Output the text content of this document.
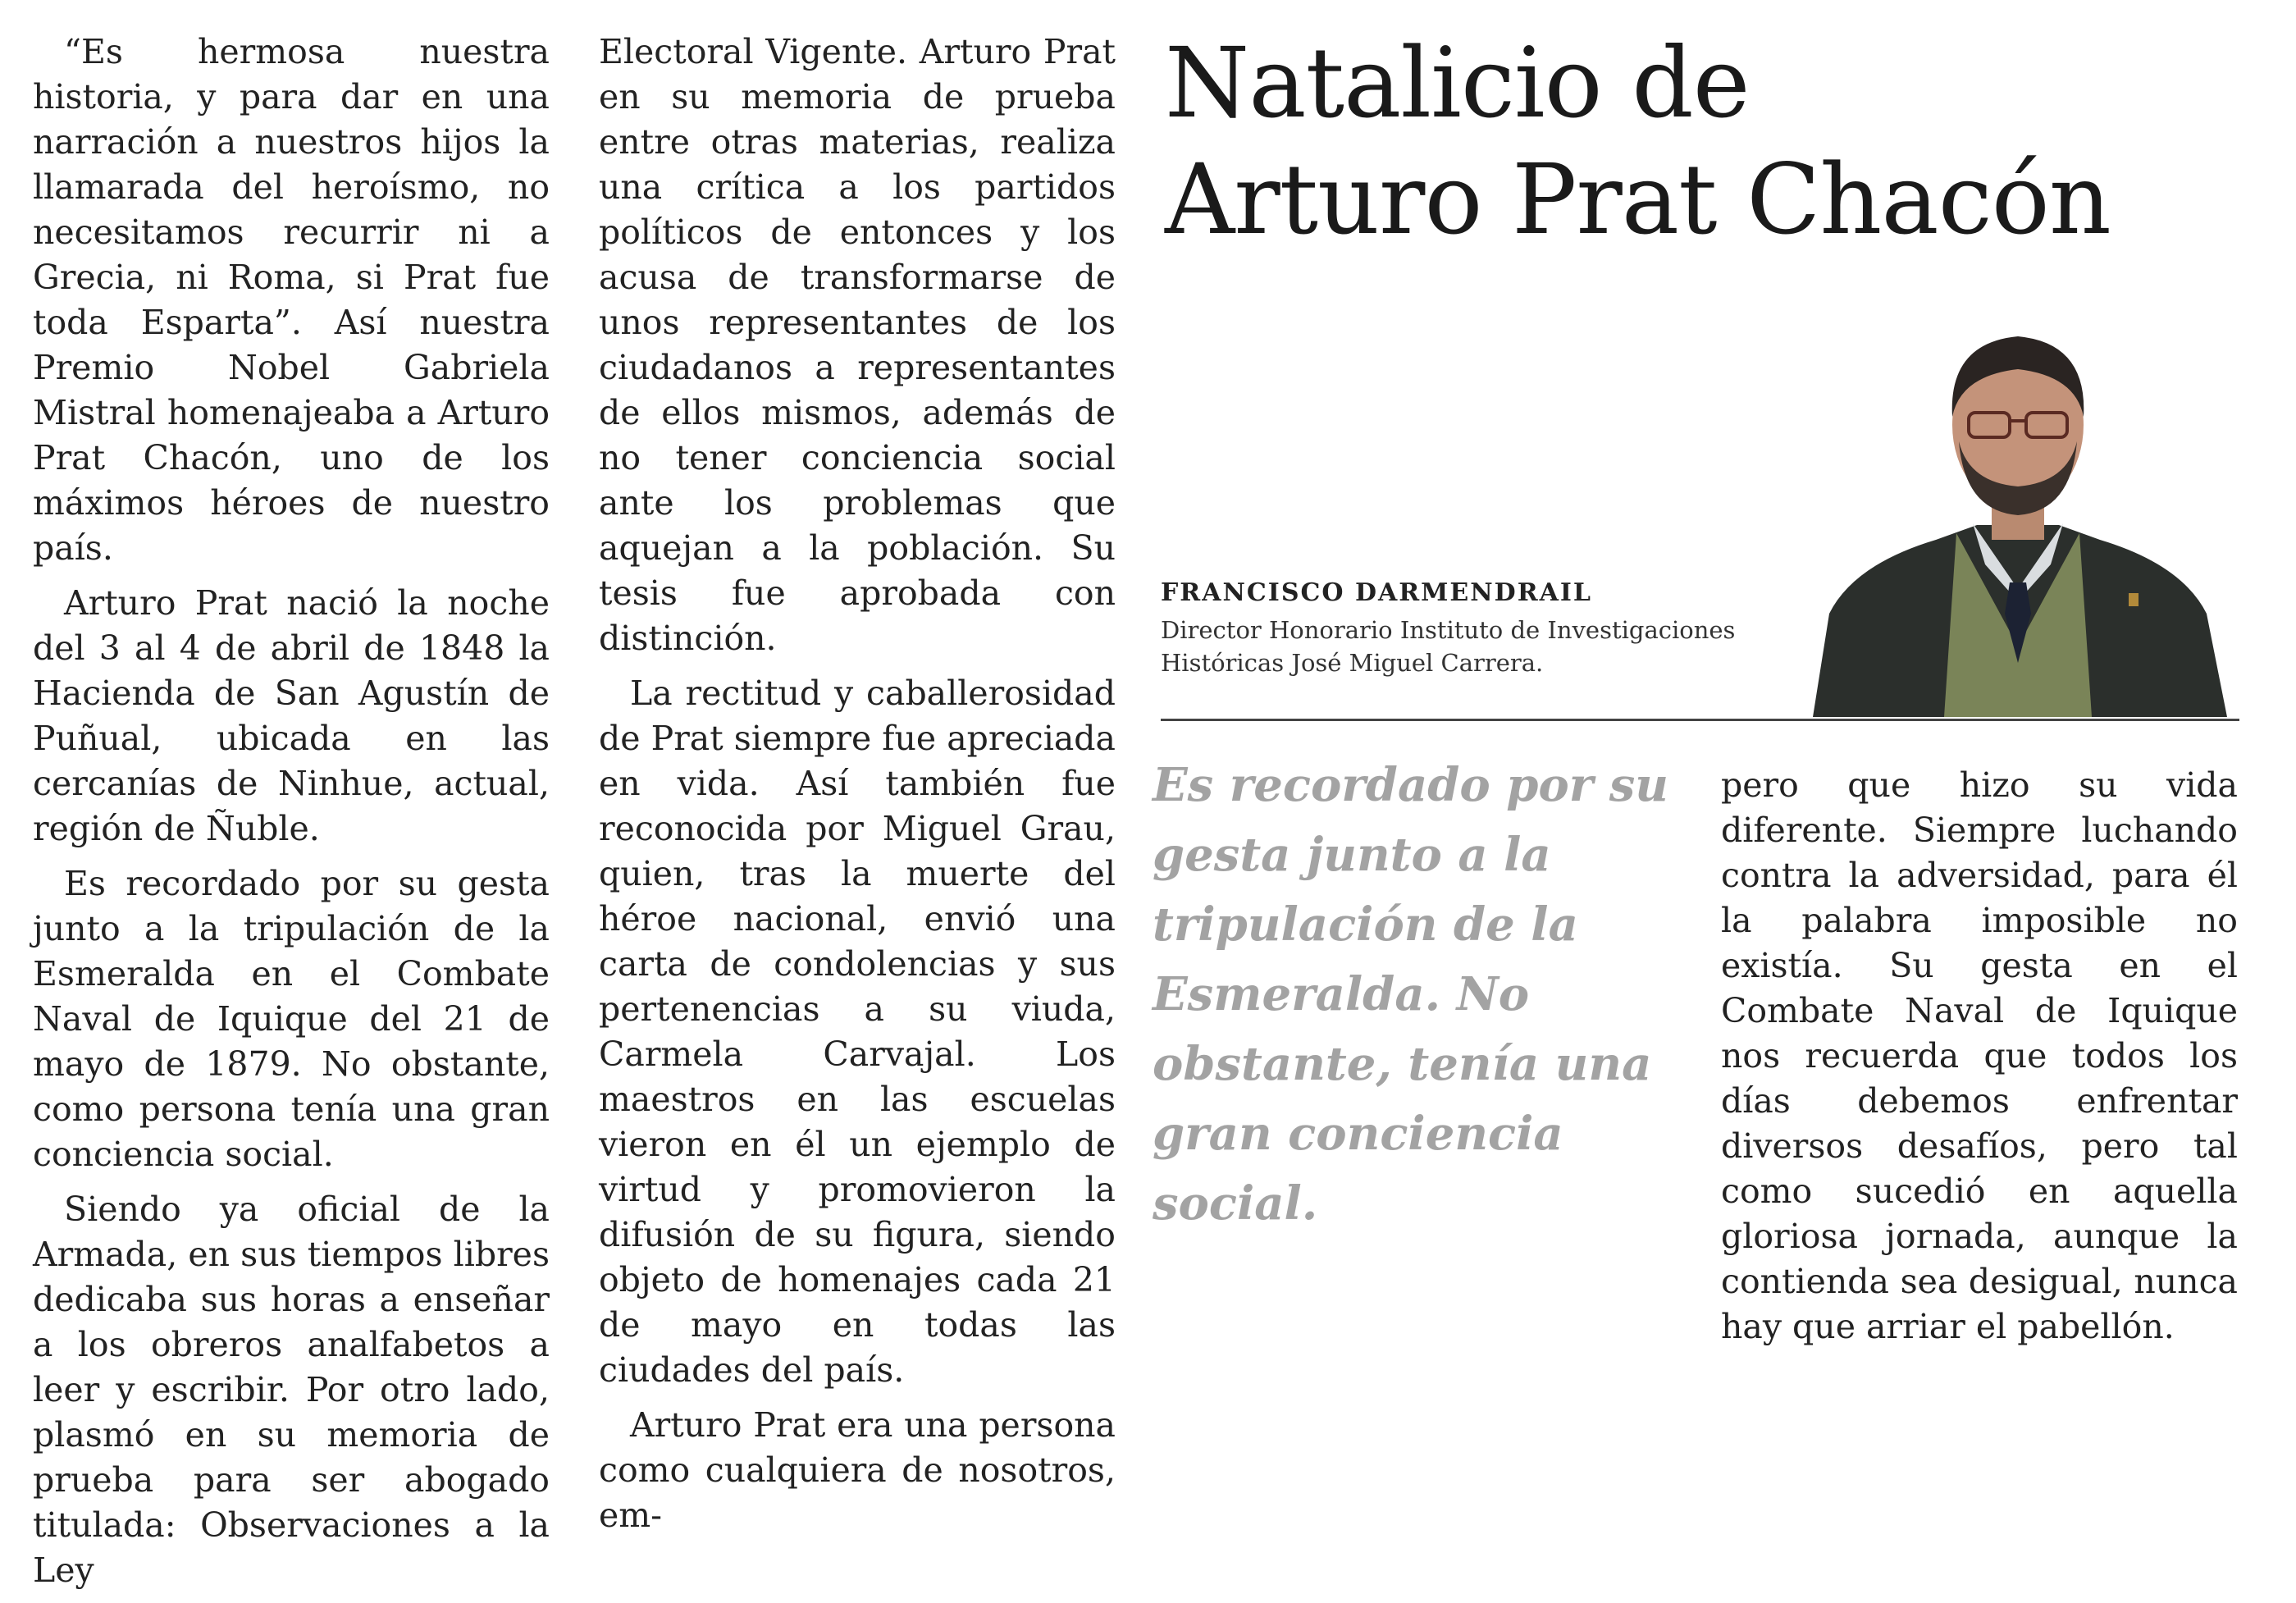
“Es hermosa nuestra historia, y para dar en una narración a nuestros hijos la llamarada del heroísmo, no necesitamos recurrir ni a Grecia, ni Roma, si Prat fue toda Esparta”. Así nuestra Premio Nobel Gabriela Mistral homenajeaba a Arturo Prat Chacón, uno de los máximos héroes de nuestro país.

Arturo Prat nació la noche del 3 al 4 de abril de 1848 la Hacienda de San Agustín de Puñual, ubicada en las cercanías de Ninhue, actual, región de Ñuble.

Es recordado por su gesta junto a la tripulación de la Esmeralda en el Combate Naval de Iquique del 21 de mayo de 1879. No obstante, como persona tenía una gran conciencia social.

Siendo ya oficial de la Armada, en sus tiempos libres dedicaba sus horas a enseñar a los obreros analfabetos a leer y escribir. Por otro lado, plasmó en su memoria de prueba para ser abogado titulada: Observaciones a la Ley

Electoral Vigente. Arturo Prat en su memoria de prueba entre otras materias, realiza una crítica a los partidos políticos de entonces y los acusa de transformarse de unos representantes de los ciudadanos a representantes de ellos mismos, además de no tener conciencia social ante los problemas que aquejan a la población. Su tesis fue aprobada con distinción.

La rectitud y caballerosidad de Prat siempre fue apreciada en vida. Así también fue reconocida por Miguel Grau, quien, tras la muerte del héroe nacional, envió una carta de condolencias y sus pertenencias a su viuda, Carmela Carvajal. Los maestros en las escuelas vieron en él un ejemplo de virtud y promovieron la difusión de su figura, siendo objeto de homenajes cada 21 de mayo en todas las ciudades del país.

Arturo Prat era una persona como cualquiera de nosotros, em-

Natalicio de
Arturo Prat Chacón
FRANCISCO DARMENDRAIL
Director Honorario Instituto de Investigaciones
Históricas José Miguel Carrera.

Es recordado por su gesta junto a la tripulación de la Esmeralda. No obstante, tenía una gran conciencia social.

pero que hizo su vida diferente. Siempre luchando contra la adversidad, para él la palabra imposible no existía. Su gesta en el Combate Naval de Iquique nos recuerda que todos los días debemos enfrentar diversos desafíos, pero tal como sucedió en aquella gloriosa jornada, aunque la contienda sea desigual, nunca hay que arriar el pabellón.
